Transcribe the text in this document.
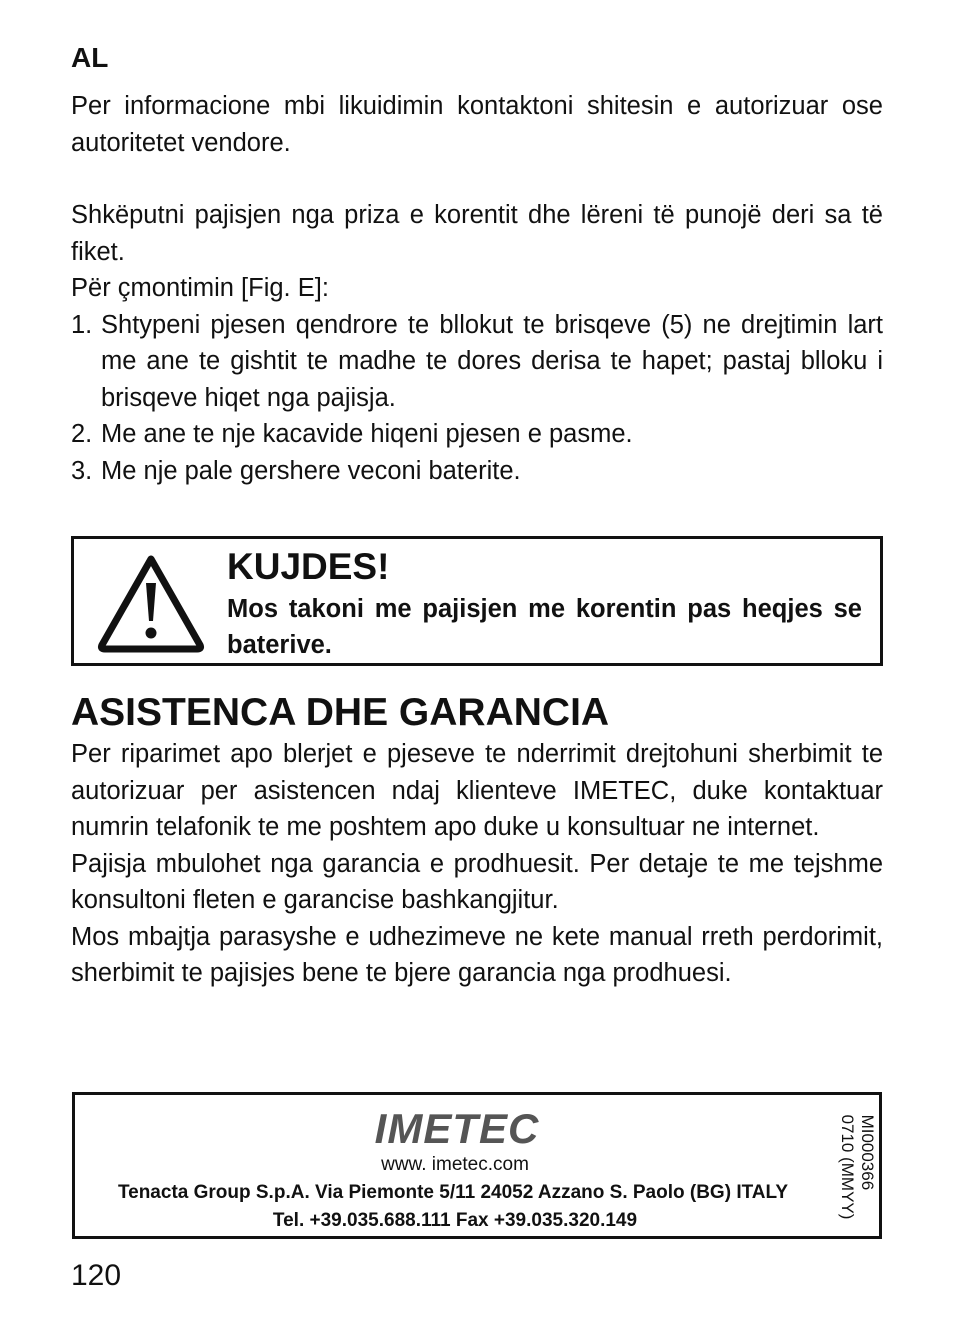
AL

Per informacione mbi likuidimin kontaktoni shitesin e autorizuar ose autoritetet vendore.

Shkëputni pajisjen nga priza e korentit dhe lëreni të punojë deri sa të fiket.

Për çmontimin [Fig. E]:

1. Shtypeni pjesen qendrore te bllokut te brisqeve (5) ne drejtimin lart me ane te gishtit te madhe te dores derisa te hapet; pastaj blloku i brisqeve hiqet nga pajisja.
2. Me ane te nje kacavide hiqeni pjesen e pasme.
3. Me nje pale gershere veconi baterite.
KUJDES!
Mos takoni me pajisjen me korentin pas heqjes se baterive.
ASISTENCA DHE GARANCIA

Per riparimet apo blerjet e pjeseve te nderrimit drejtohuni sherbimit te autorizuar per asistencen ndaj klienteve IMETEC, duke kontaktuar numrin telafonik te me poshtem apo duke u konsultuar ne internet.

Pajisja mbulohet nga garancia e prodhuesit. Per detaje te me tejshme konsultoni fleten e garancise bashkangjitur.

Mos mbajtja parasyshe e udhezimeve ne kete manual rreth perdorimit, sherbimit te pajisjes bene te bjere garancia nga prodhuesi.

IMETEC
www. imetec.com
Tenacta Group S.p.A. Via Piemonte 5/11 24052 Azzano S. Paolo (BG) ITALY
Tel. +39.035.688.111 Fax +39.035.320.149
MI000366
0710 (MMYY)
120
